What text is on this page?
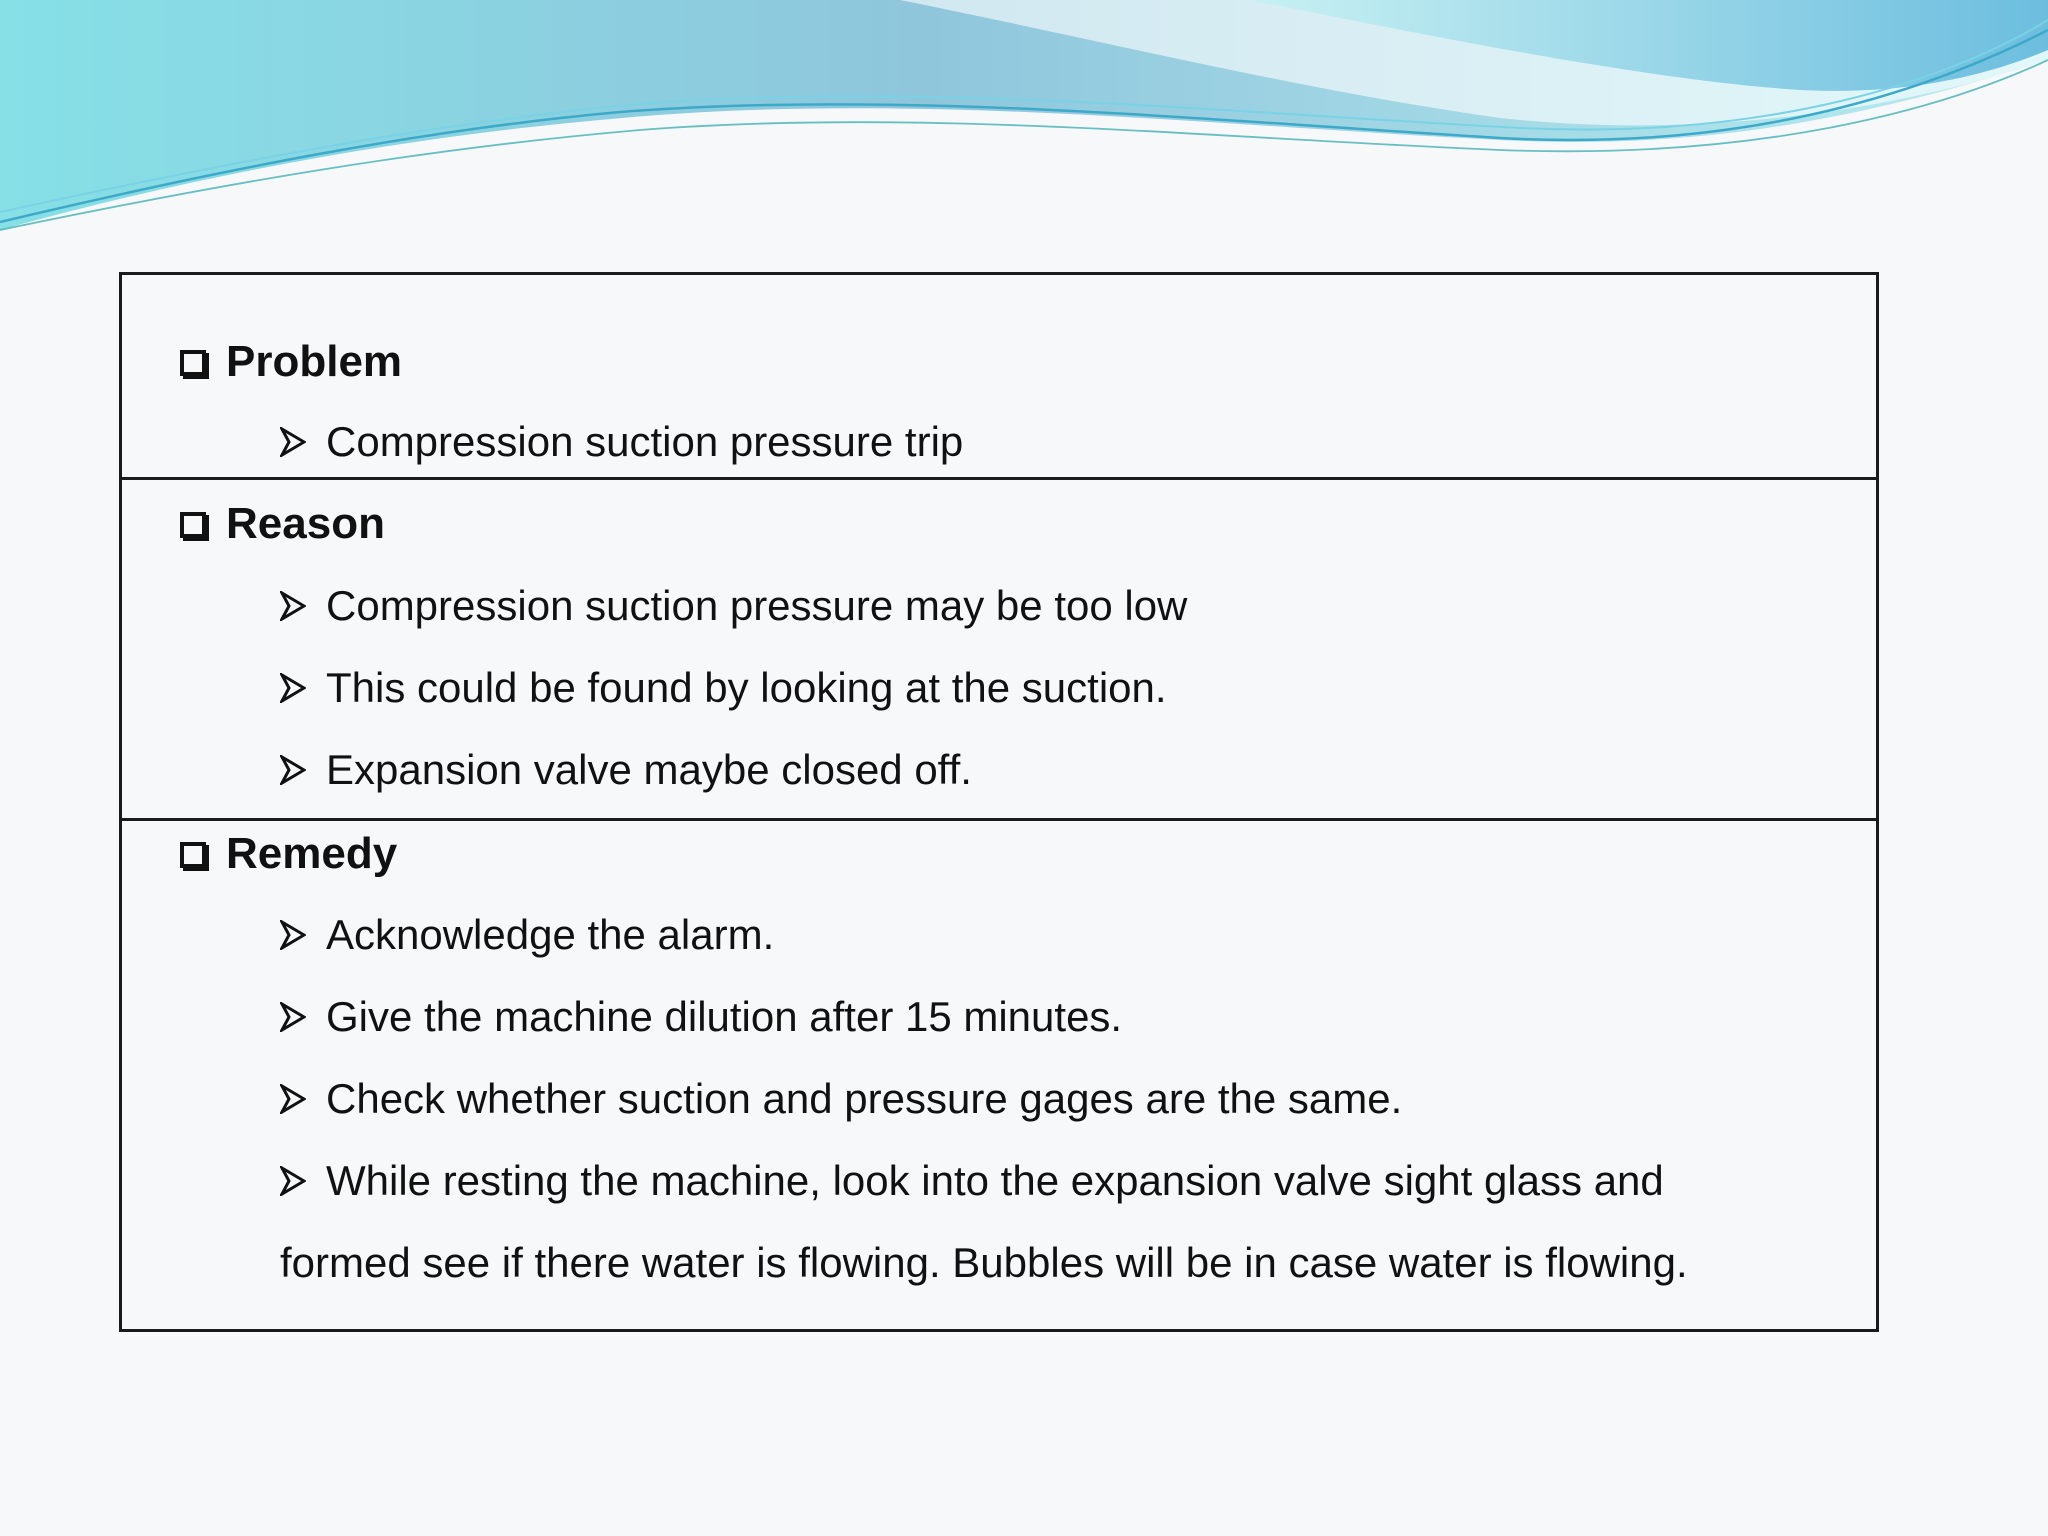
Problem
Compression suction pressure trip
Reason
Compression suction pressure may be too low
This could be found by looking at the suction.
Expansion valve maybe closed off.
Remedy
Acknowledge the alarm.
Give the machine dilution after 15 minutes.
Check whether suction and pressure gages are the same.
While resting the machine, look into the expansion valve sight glass and
formed see if there water is flowing. Bubbles will be in case water is flowing.
